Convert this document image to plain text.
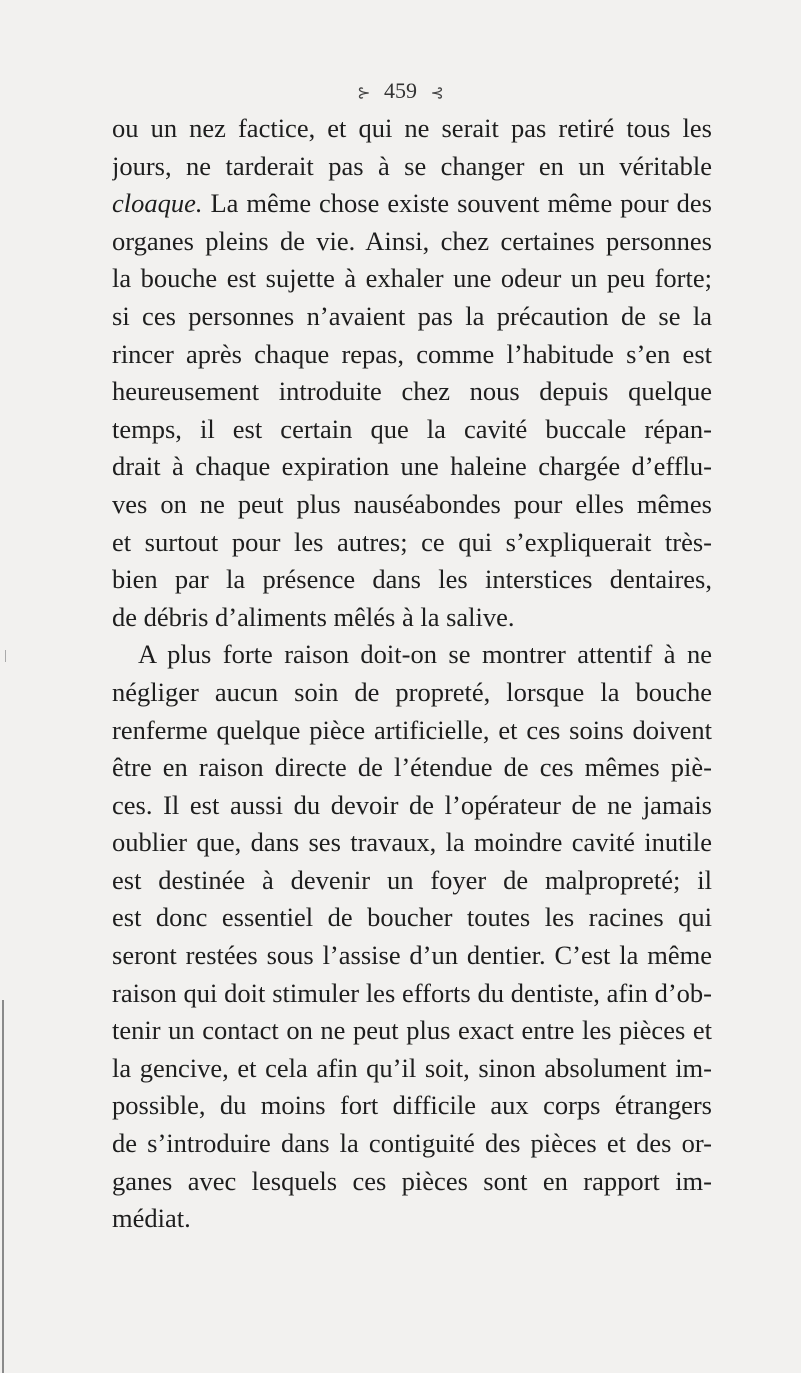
⊱ 459 ⊰
ou un nez factice, et qui ne serait pas retiré tous les
jours, ne tarderait pas à se changer en un véritable
cloaque. La même chose existe souvent même pour des
organes pleins de vie. Ainsi, chez certaines personnes
la bouche est sujette à exhaler une odeur un peu forte;
si ces personnes n’avaient pas la précaution de se la
rincer après chaque repas, comme l’habitude s’en est
heureusement introduite chez nous depuis quelque
temps, il est certain que la cavité buccale répan-
drait à chaque expiration une haleine chargée d’efflu-
ves on ne peut plus nauséabondes pour elles mêmes
et surtout pour les autres; ce qui s’expliquerait très-
bien par la présence dans les interstices dentaires,
de débris d’aliments mêlés à la salive.
A plus forte raison doit-on se montrer attentif à ne
négliger aucun soin de propreté, lorsque la bouche
renferme quelque pièce artificielle, et ces soins doivent
être en raison directe de l’étendue de ces mêmes piè-
ces. Il est aussi du devoir de l’opérateur de ne jamais
oublier que, dans ses travaux, la moindre cavité inutile
est destinée à devenir un foyer de malpropreté; il
est donc essentiel de boucher toutes les racines qui
seront restées sous l’assise d’un dentier. C’est la même
raison qui doit stimuler les efforts du dentiste, afin d’ob-
tenir un contact on ne peut plus exact entre les pièces et
la gencive, et cela afin qu’il soit, sinon absolument im-
possible, du moins fort difficile aux corps étrangers
de s’introduire dans la contiguité des pièces et des or-
ganes avec lesquels ces pièces sont en rapport im-
médiat.
